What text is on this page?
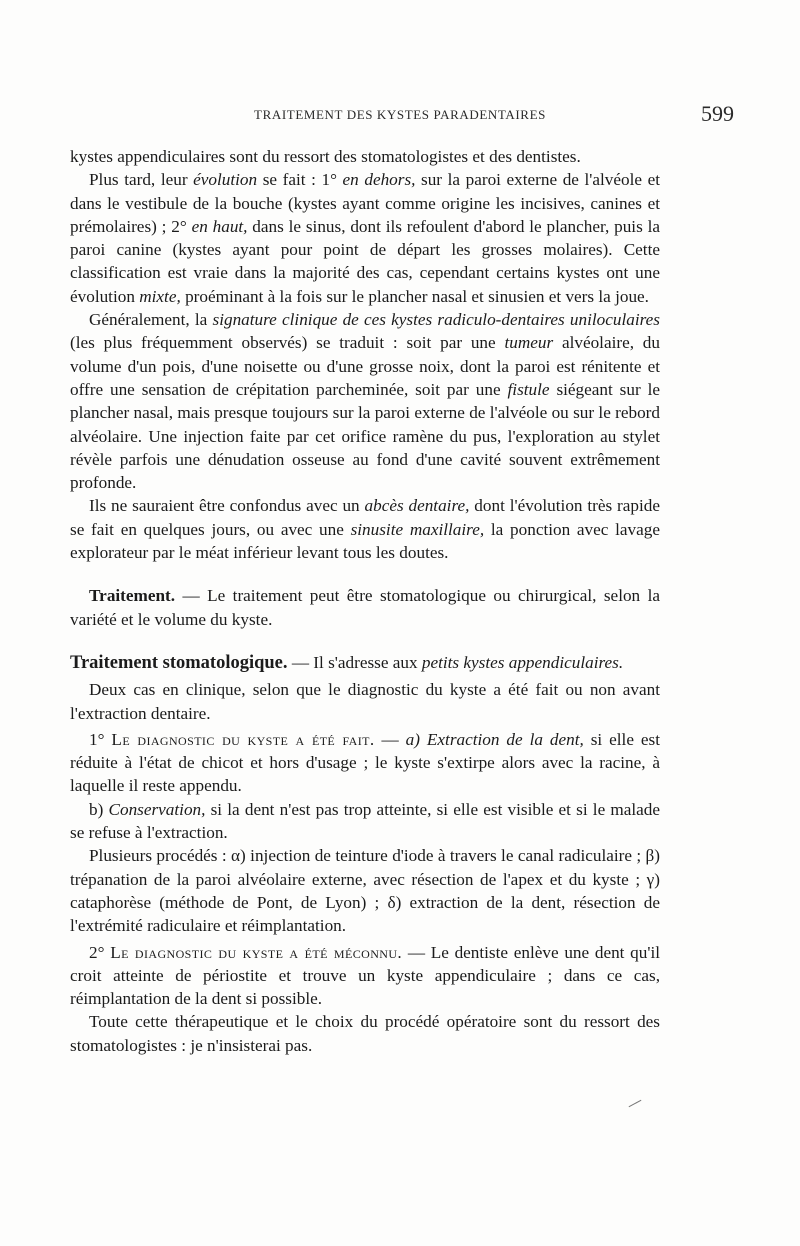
TRAITEMENT DES KYSTES PARADENTAIRES	599

kystes appendiculaires sont du ressort des stomatologistes et des dentistes.

Plus tard, leur évolution se fait : 1° en dehors, sur la paroi externe de l'alvéole et dans le vestibule de la bouche (kystes ayant comme origine les incisives, canines et prémolaires) ; 2° en haut, dans le sinus, dont ils refoulent d'abord le plancher, puis la paroi canine (kystes ayant pour point de départ les grosses molaires). Cette classification est vraie dans la majorité des cas, cependant certains kystes ont une évolution mixte, proéminant à la fois sur le plancher nasal et sinusien et vers la joue.

Généralement, la signature clinique de ces kystes radiculo-dentaires uniloculaires (les plus fréquemment observés) se traduit : soit par une tumeur alvéolaire, du volume d'un pois, d'une noisette ou d'une grosse noix, dont la paroi est rénitente et offre une sensation de crépitation parcheminée, soit par une fistule siégeant sur le plancher nasal, mais presque toujours sur la paroi externe de l'alvéole ou sur le rebord alvéolaire. Une injection faite par cet orifice ramène du pus, l'exploration au stylet révèle parfois une dénudation osseuse au fond d'une cavité souvent extrêmement profonde.

Ils ne sauraient être confondus avec un abcès dentaire, dont l'évolution très rapide se fait en quelques jours, ou avec une sinusite maxillaire, la ponction avec lavage explorateur par le méat inférieur levant tous les doutes.

Traitement. — Le traitement peut être stomatologique ou chirurgical, selon la variété et le volume du kyste.

Traitement stomatologique. — Il s'adresse aux petits kystes appendiculaires.

Deux cas en clinique, selon que le diagnostic du kyste a été fait ou non avant l'extraction dentaire.

1° Le diagnostic du kyste a été fait. — a) Extraction de la dent, si elle est réduite à l'état de chicot et hors d'usage ; le kyste s'extirpe alors avec la racine, à laquelle il reste appendu.

b) Conservation, si la dent n'est pas trop atteinte, si elle est visible et si le malade se refuse à l'extraction.

Plusieurs procédés : α) injection de teinture d'iode à travers le canal radiculaire ; β) trépanation de la paroi alvéolaire externe, avec résection de l'apex et du kyste ; γ) cataphorèse (méthode de Pont, de Lyon) ; δ) extraction de la dent, résection de l'extrémité radiculaire et réimplantation.

2° Le diagnostic du kyste a été méconnu. — Le dentiste enlève une dent qu'il croit atteinte de périostite et trouve un kyste appendiculaire ; dans ce cas, réimplantation de la dent si possible.

Toute cette thérapeutique et le choix du procédé opératoire sont du ressort des stomatologistes : je n'insisterai pas.
